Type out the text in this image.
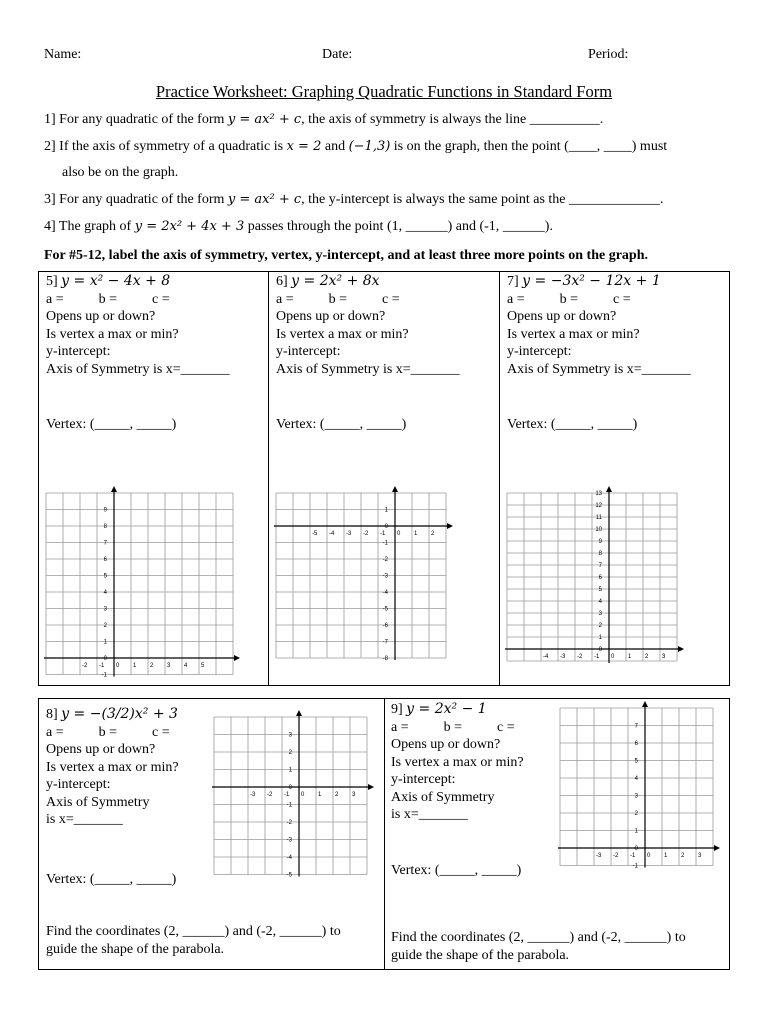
Name:	Date:	Period:
Practice Worksheet: Graphing Quadratic Functions in Standard Form
1] For any quadratic of the form y = ax² + c, the axis of symmetry is always the line __________.
2] If the axis of symmetry of a quadratic is x = 2 and (−1,3) is on the graph, then the point (____, ____) must
also be on the graph.
3] For any quadratic of the form y = ax² + c, the y-intercept is always the same point as the _____________.
4] The graph of y = 2x² + 4x + 3 passes through the point (1, ______) and (-1, ______).
For #5-12, label the axis of symmetry, vertex, y-intercept, and at least three more points on the graph.
5] y = x² − 4x + 8
a =          b =          c =
Opens up or down?
Is vertex a max or min?
y-intercept:
Axis of Symmetry is x=_______
Vertex: (_____, _____)
6] y = 2x² + 8x
a =          b =          c =
Opens up or down?
Is vertex a max or min?
y-intercept:
Axis of Symmetry is x=_______
Vertex: (_____, _____)
7] y = −3x² − 12x + 1
a =          b =          c =
Opens up or down?
Is vertex a max or min?
y-intercept:
Axis of Symmetry is x=_______
Vertex: (_____, _____)
8] y = −(3/2)x² + 3
a =          b =          c =
Opens up or down?
Is vertex a max or min?
y-intercept:
Axis of Symmetry
is x=_______
Vertex: (_____, _____)
Find the coordinates (2, ______) and (-2, ______) to
guide the shape of the parabola.
9] y = 2x² − 1
a =          b =          c =
Opens up or down?
Is vertex a max or min?
y-intercept:
Axis of Symmetry
is x=_______
Vertex: (_____, _____)
Find the coordinates (2, ______) and (-2, ______) to
guide the shape of the parabola.
-2 -1 0 1 2 3 4 5
9
8
7
6
5
4
3
2
1
0
-1
-5 -4 -3 -2 -1 0 1 2
1
0
-1
-2
-3
-4
-5
-6
-7
-8	-4 -3 -2 -1 0 1 2 3
13
12
11
10
9
8
7
6
5
4
3
2
1
0
-3 -2 -1 0 1 2 3
3
2
1
0
-1
-2
-3
-4
-5
-3 -2 -1 0 1 2 3
7
6
5
4
3
2
1
0
-1
